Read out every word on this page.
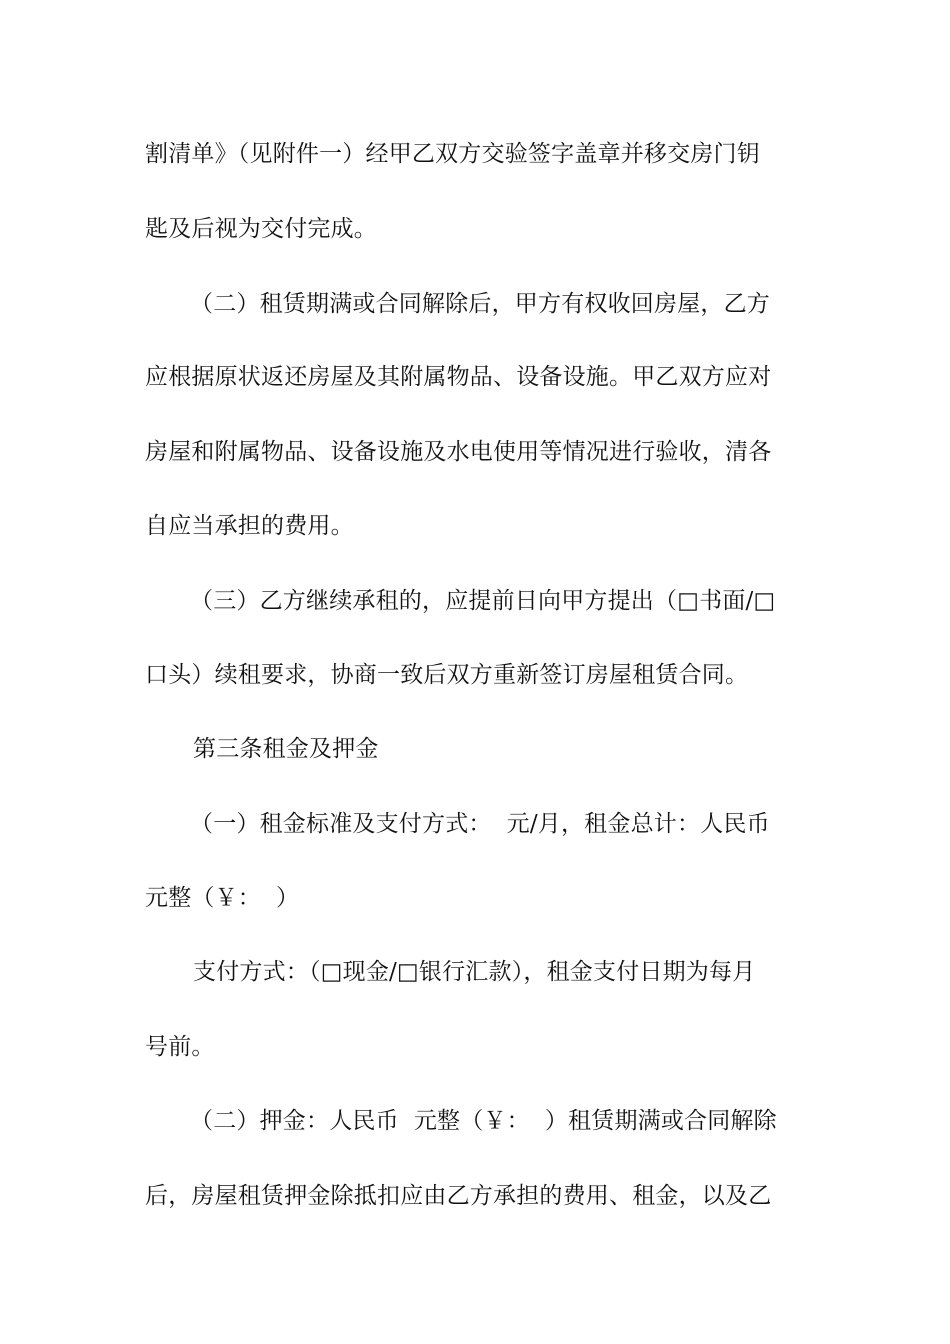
割清单》（见附件一）经甲乙双方交验签字盖章并移交房门钥
匙及后视为交付完成。
（二）租赁期满或合同解除后，甲方有权收回房屋，乙方
应根据原状返还房屋及其附属物品、设备设施。甲乙双方应对
房屋和附属物品、设备设施及水电使用等情况进行验收，清各
自应当承担的费用。
（三）乙方继续承租的，应提前日向甲方提出（□书面/□
口头）续租要求，协商一致后双方重新签订房屋租赁合同。
第三条租金及押金
（一）租金标准及支付方式：  元/月，租金总计：人民币
元整（￥：  ）
支付方式：（□现金/□银行汇款），租金支付日期为每月
号前。
（二）押金：人民币  元整（￥：  ）租赁期满或合同解除
后，房屋租赁押金除抵扣应由乙方承担的费用、租金，以及乙
